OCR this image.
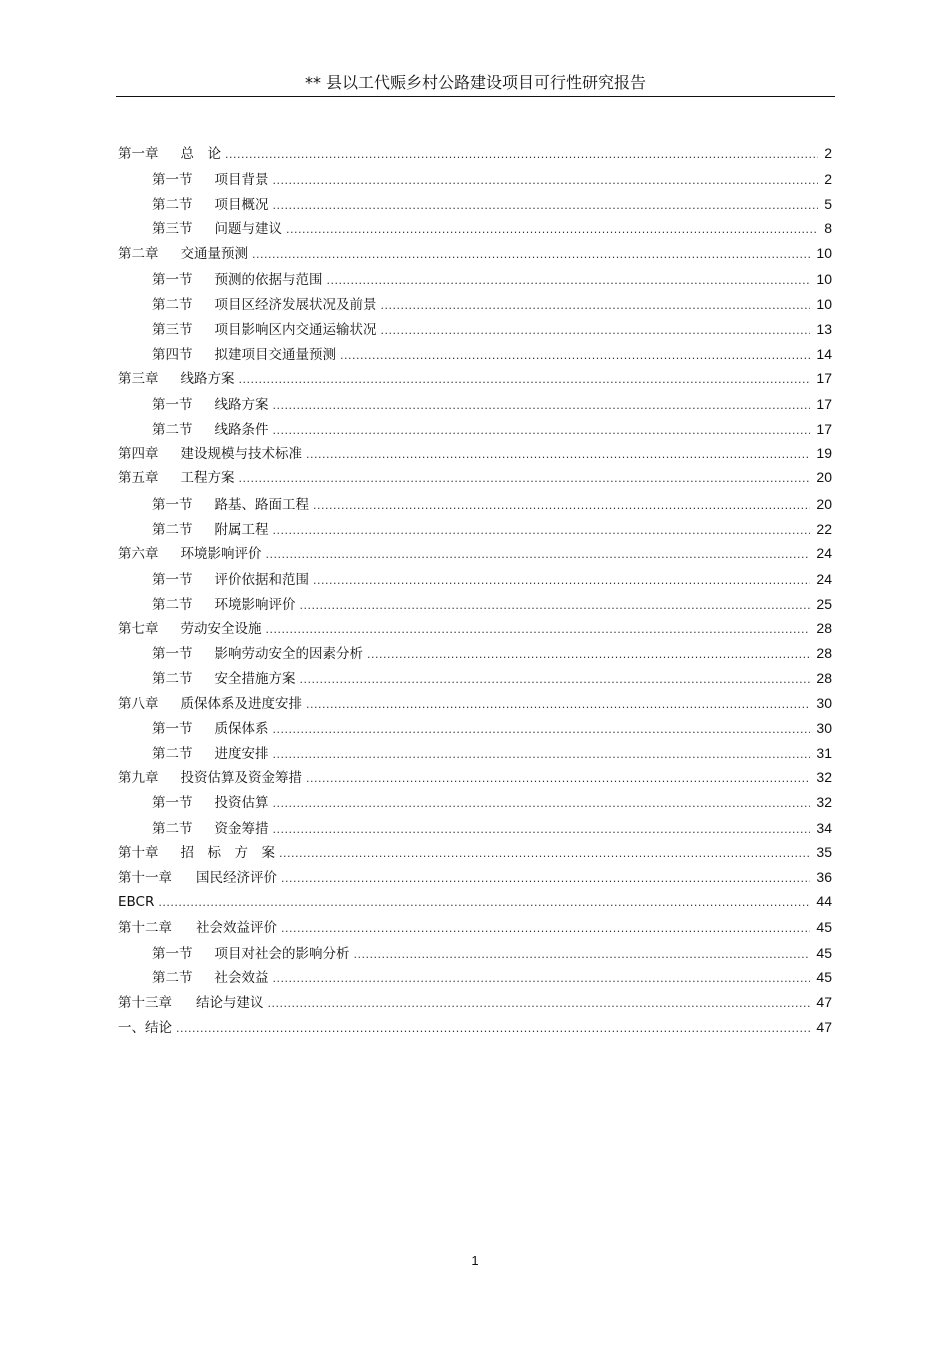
** 县以工代赈乡村公路建设项目可行性研究报告
第一章 总　论 .....	2
第一节 项目背景 .....	2
第二节 项目概况 .....	5
第三节 问题与建议 .....	8
第二章 交通量预测 .....	10
第一节 预测的依据与范围 .....	10
第二节 项目区经济发展状况及前景 .....	10
第三节 项目影响区内交通运输状况 .....	13
第四节 拟建项目交通量预测 .....	14
第三章 线路方案 .....	17
第一节 线路方案 .....	17
第二节 线路条件 .....	17
第四章 建设规模与技术标准 .....	19
第五章 工程方案 .....	20
第一节 路基、路面工程 .....	20
第二节 附属工程 .....	22
第六章 环境影响评价 .....	24
第一节 评价依据和范围 .....	24
第二节 环境影响评价 .....	25
第七章 劳动安全设施 .....	28
第一节 影响劳动安全的因素分析 .....	28
第二节 安全措施方案 .....	28
第八章 质保体系及进度安排 .....	30
第一节 质保体系 .....	30
第二节 进度安排 .....	31
第九章 投资估算及资金筹措 .....	32
第一节 投资估算 .....	32
第二节 资金筹措 .....	34
第十章 招　标　方　案 .....	35
第十一章 国民经济评价 .....	36
EBCR .....	44
第十二章 社会效益评价 .....	45
第一节 项目对社会的影响分析 .....	45
第二节 社会效益 .....	45
第十三章 结论与建议 .....	47
一、结论 .....	47
1
